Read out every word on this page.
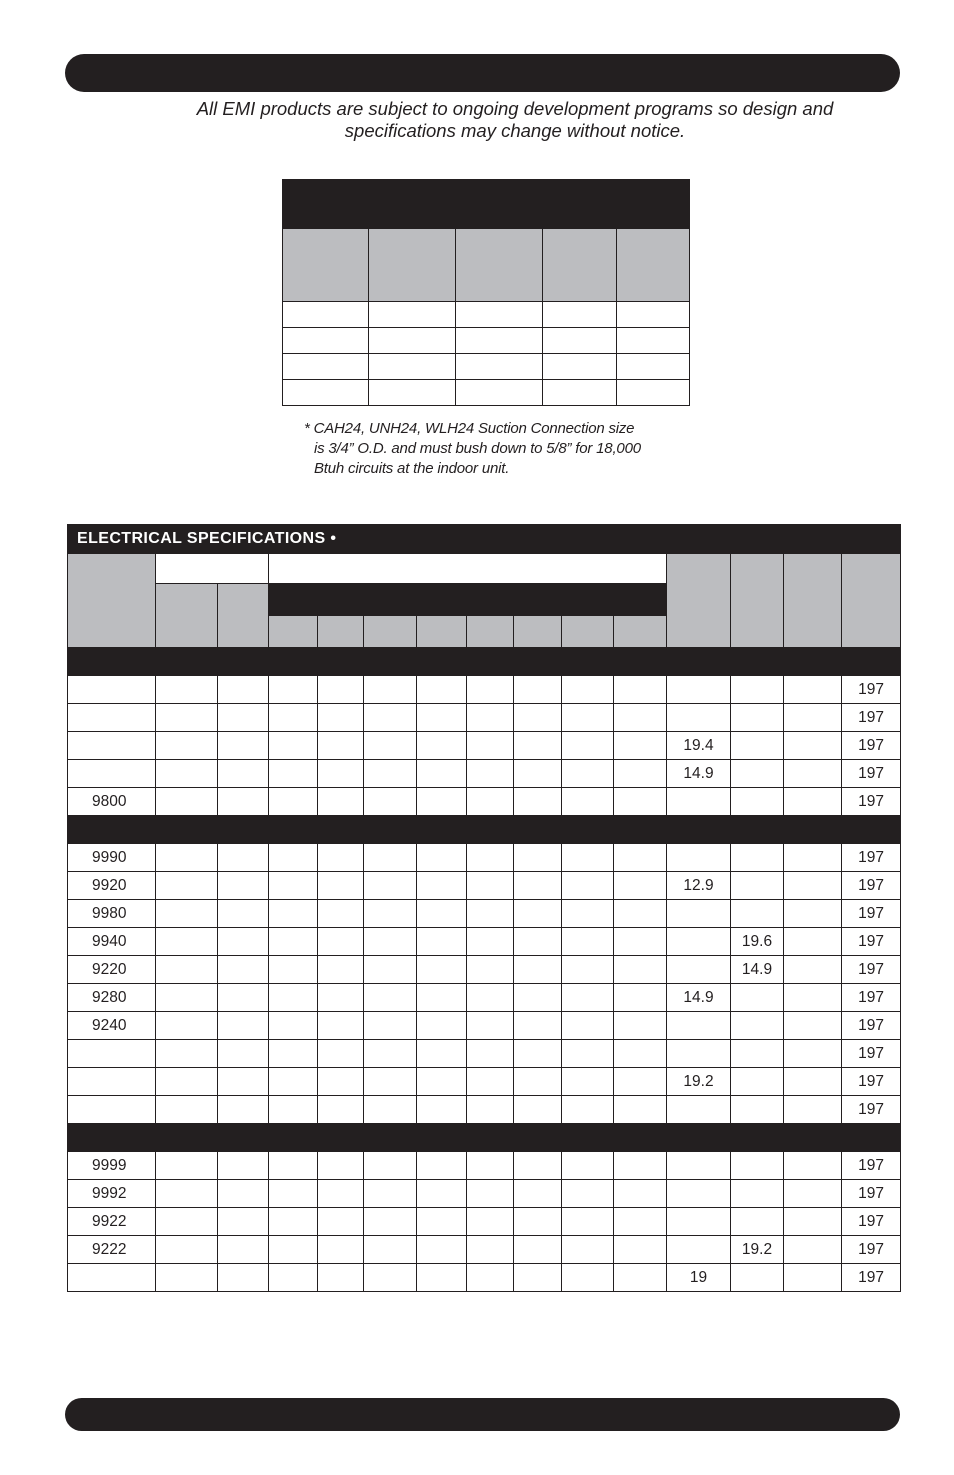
All EMI products are subject to ongoing development programs so design and
specifications may change without notice.

* CAH24, UNH24, WLH24 Suction Connection size
is 3/4” O.D. and must bush down to 5/8” for 18,000
Btuh circuits at the indoor unit.
ELECTRICAL SPECIFICATIONS •														

														197
														197
											19.4			197
											14.9			197
9800														197

9990														197
9920											12.9			197
9980														197
9940												19.6		197
9220												14.9		197
9280											14.9			197
9240														197
														197
											19.2			197
														197

9999														197
9992														197
9922														197
9222												19.2		197
											19			197
